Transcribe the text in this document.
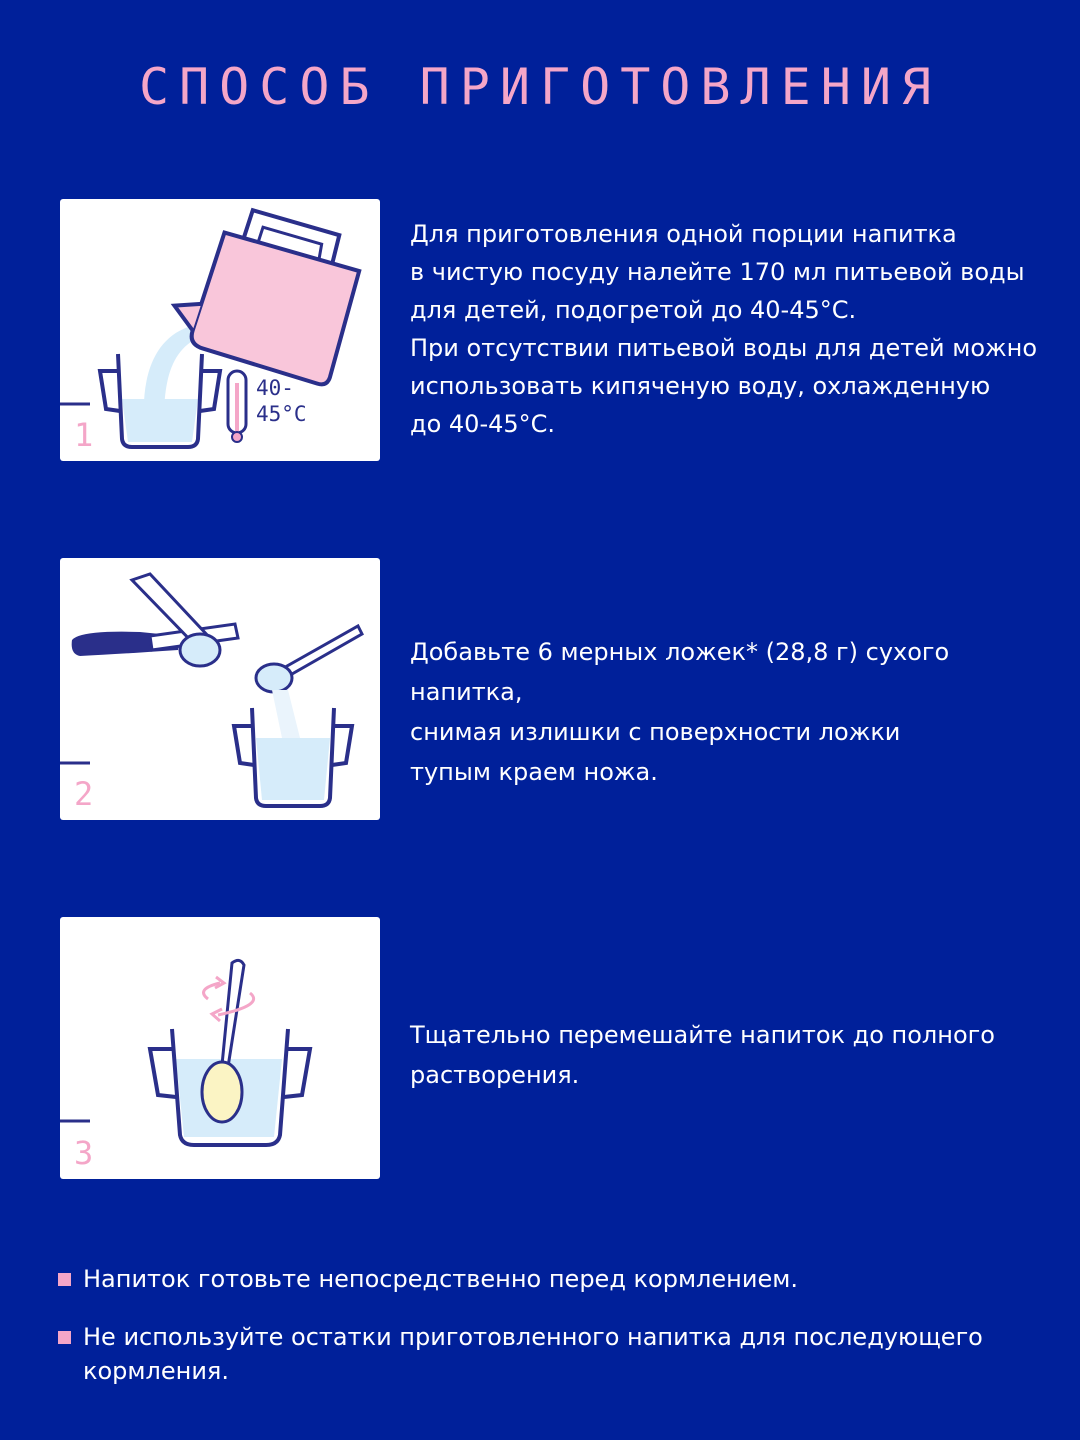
СПОСОБ ПРИГОТОВЛЕНИЯ
40-
45°C
1

Для приготовления одной порции напитка

в чистую посуду налейте 170 мл питьевой воды

для детей, подогретой до 40-45°С.

При отсутствии питьевой воды для детей можно

использовать кипяченую воду, охлажденную

до 40-45°С.

2

Добавьте 6 мерных ложек* (28,8 г) сухого напитка,

снимая излишки с поверхности ложки

тупым краем ножа.

3

Тщательно перемешайте напиток до полного

растворения.

Напиток готовьте непосредственно перед кормлением.
Не используйте остатки приготовленного напитка для последующего кормления.
